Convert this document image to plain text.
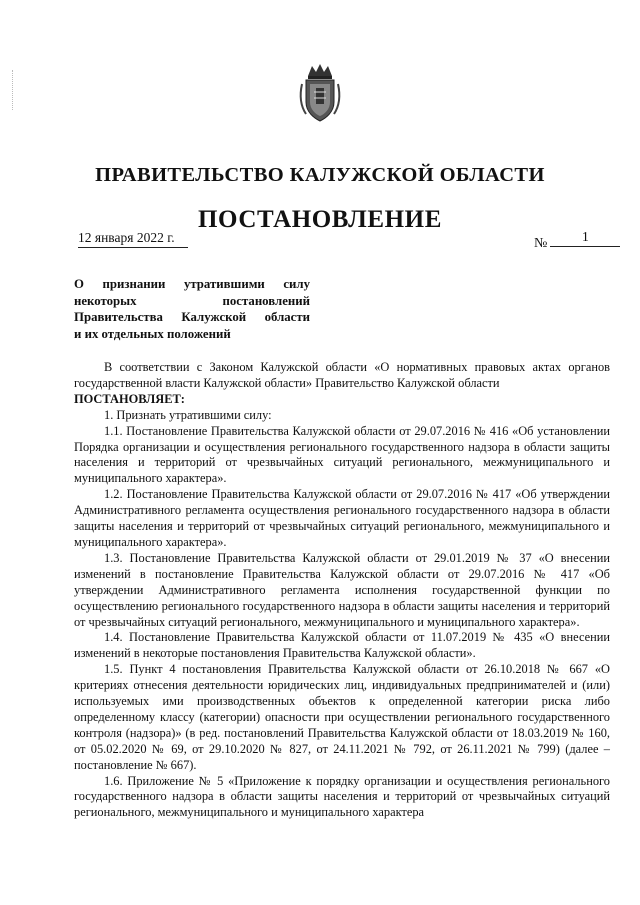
ПРАВИТЕЛЬСТВО КАЛУЖСКОЙ ОБЛАСТИ
ПОСТАНОВЛЕНИЕ
12 января 2022 г.	№ 1
О признании утратившими силу
некоторых постановлений
Правительства Калужской области
и их отдельных положений

В соответствии с Законом Калужской области «О нормативных правовых актах органов государственной власти Калужской области» Правительство Калужской области

ПОСТАНОВЛЯЕТ:

1. Признать утратившими силу:

1.1. Постановление Правительства Калужской области от 29.07.2016 № 416 «Об установлении Порядка организации и осуществления регионального государственного надзора в области защиты населения и территорий от чрезвычайных ситуаций регионального, межмуниципального и муниципального характера».

1.2. Постановление Правительства Калужской области от 29.07.2016 № 417 «Об утверждении Административного регламента осуществления регионального государственного надзора в области защиты населения и территорий от чрезвычайных ситуаций регионального, межмуниципального и муниципального характера».

1.3. Постановление Правительства Калужской области от 29.01.2019 № 37 «О внесении изменений в постановление Правительства Калужской области от 29.07.2016 № 417 «Об утверждении Административного регламента исполнения государственной функции по осуществлению регионального государственного надзора в области защиты населения и территорий от чрезвычайных ситуаций регионального, межмуниципального и муниципального характера».

1.4. Постановление Правительства Калужской области от 11.07.2019 № 435 «О внесении изменений в некоторые постановления Правительства Калужской области».

1.5. Пункт 4 постановления Правительства Калужской области от 26.10.2018 № 667 «О критериях отнесения деятельности юридических лиц, индивидуальных предпринимателей и (или) используемых ими производственных объектов к определенной категории риска либо определенному классу (категории) опасности при осуществлении регионального государственного контроля (надзора)» (в ред. постановлений Правительства Калужской области от 18.03.2019 № 160, от 05.02.2020 № 69, от 29.10.2020 № 827, от 24.11.2021 № 792, от 26.11.2021 № 799) (далее – постановление № 667).

1.6. Приложение № 5 «Приложение к порядку организации и осуществления регионального государственного надзора в области защиты населения и территорий от чрезвычайных ситуаций регионального, межмуниципального и муниципального характера
